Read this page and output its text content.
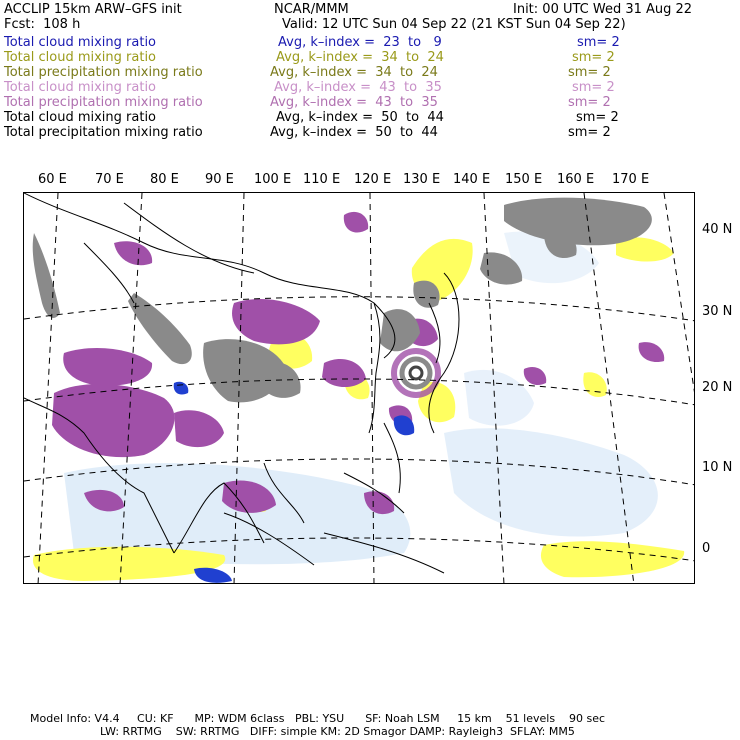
ACCLIP 15km ARW–GFS init	NCAR/MMM	Init: 00 UTC Wed 31 Aug 22
Fcst:  108 h	Valid: 12 UTC Sun 04 Sep 22 (21 KST Sun 04 Sep 22)
Total cloud mixing ratio	Avg, k–index =  23  to   9	sm= 2
Total cloud mixing ratio	Avg, k–index =  34  to  24	sm= 2
Total precipitation mixing ratio	Avg, k–index =  34  to  24	sm= 2
Total cloud mixing ratio	Avg, k–index =  43  to  35	sm= 2
Total precipitation mixing ratio	Avg, k–index =  43  to  35	sm= 2
Total cloud mixing ratio	Avg, k–index =  50  to  44	sm= 2
Total precipitation mixing ratio	Avg, k–index =  50  to  44	sm= 2
60 E 70 E 80 E 90 E 100 E 110 E 120 E 130 E 140 E 150 E 160 E 170 E
40 N
30 N
20 N
10 N
0
Model Info: V4.4     CU: KF      MP: WDM 6class   PBL: YSU      SF: Noah LSM     15 km    51 levels    90 sec
LW: RRTMG    SW: RRTMG   DIFF: simple KM: 2D Smagor DAMP: Rayleigh3  SFLAY: MM5
